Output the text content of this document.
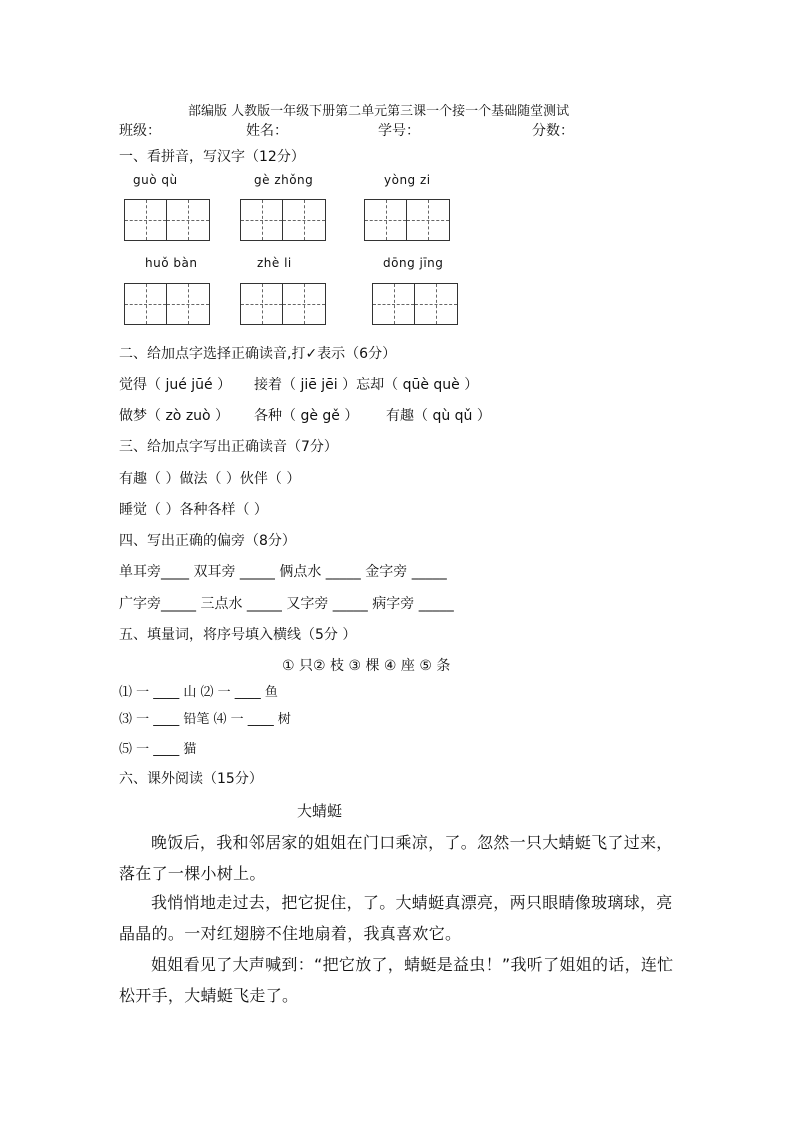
部编版 人教版一年级下册第二单元第三课一个接一个基础随堂测试
班级：	姓名：	学号：	分数：
一、看拼音，写汉字（12分）
guò qù	gè zhǒng	yòng zi
huǒ bàn	zhè li	dōng jīng
二、给加点字选择正确读音,打✓表示（6分）
觉得（ jué jūé ） 接着（ jiē jēi ）忘却（ qūè què ）
做梦（ zò zuò ） 各种（ gè gě ） 有趣（ qù qǔ ）
三、给加点字写出正确读音（7分）
有趣（ ）做法（ ）伙伴（ ）
睡觉（ ）各种各样（ ）
四、写出正确的偏旁（8分）
单耳旁____ 双耳旁 _____ 俩点水 _____ 金字旁 _____
广字旁_____ 三点水 _____ 又字旁 _____ 病字旁 _____
五、填量词，将序号填入横线（5分 ）
① 只② 枝 ③ 棵 ④ 座 ⑤ 条
⑴ 一 ____ 山 ⑵ 一 ____ 鱼
⑶ 一 ____ 铅笔 ⑷ 一 ____ 树
⑸ 一 ____ 猫
六、课外阅读（15分）
大蜻蜓
晚饭后，我和邻居家的姐姐在门口乘凉，了。忽然一只大蜻蜓飞了过来，落在了一棵小树上。
我悄悄地走过去，把它捉住，了。大蜻蜓真漂亮，两只眼睛像玻璃球，亮晶晶的。一对红翅膀不住地扇着，我真喜欢它。
姐姐看见了大声喊到：“把它放了，蜻蜓是益虫！”我听了姐姐的话，连忙松开手，大蜻蜓飞走了。
